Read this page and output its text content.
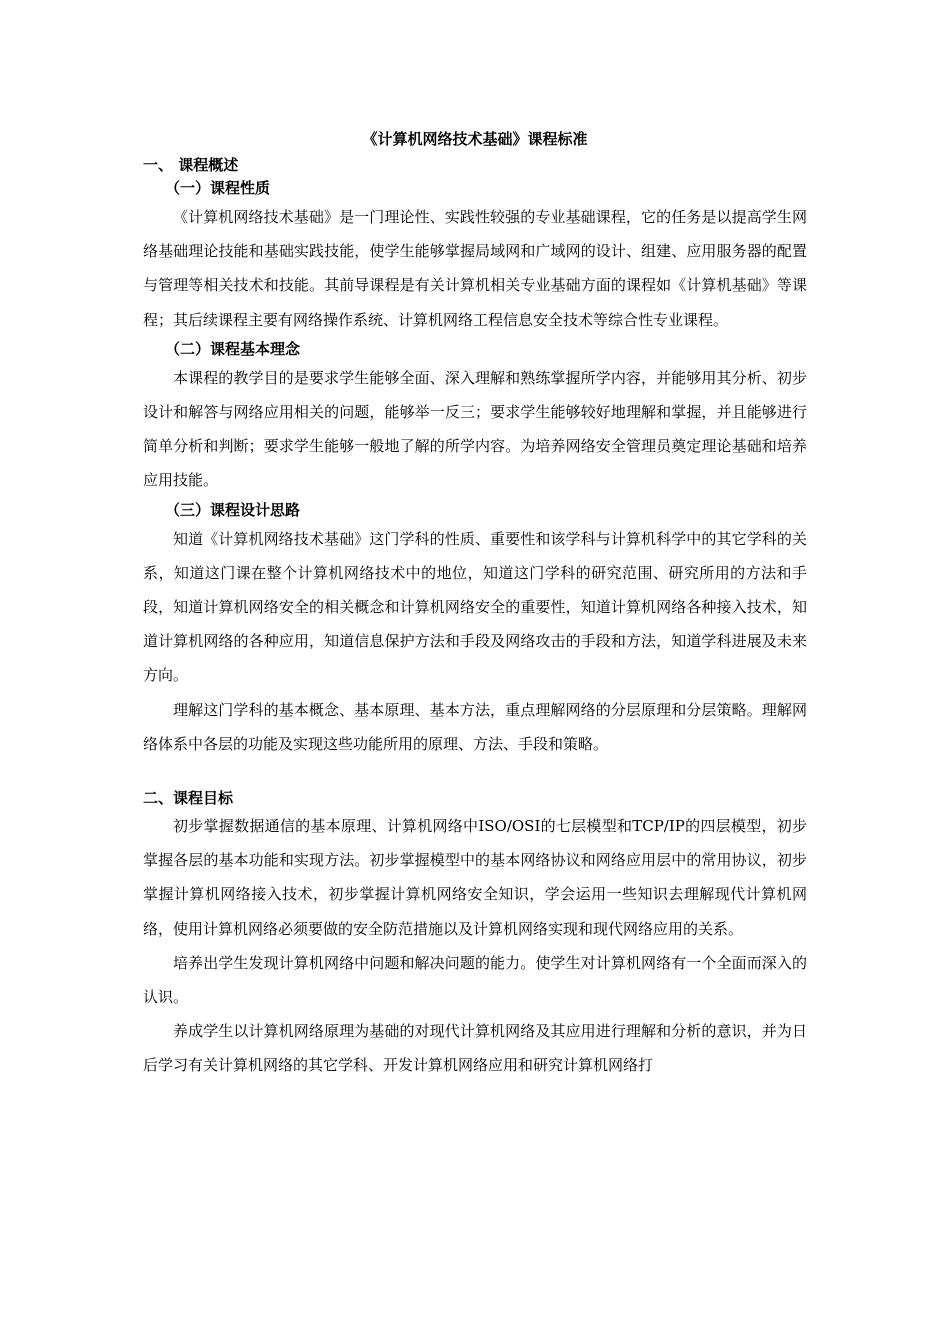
《计算机网络技术基础》课程标准
一、 课程概述
（一）课程性质

《计算机网络技术基础》是一门理论性、实践性较强的专业基础课程，它的任务是以提高学生网络基础理论技能和基础实践技能，使学生能够掌握局域网和广域网的设计、组建、应用服务器的配置与管理等相关技术和技能。其前导课程是有关计算机相关专业基础方面的课程如《计算机基础》等课程；其后续课程主要有网络操作系统、计算机网络工程信息安全技术等综合性专业课程。

（二）课程基本理念

本课程的教学目的是要求学生能够全面、深入理解和熟练掌握所学内容，并能够用其分析、初步设计和解答与网络应用相关的问题，能够举一反三；要求学生能够较好地理解和掌握，并且能够进行简单分析和判断；要求学生能够一般地了解的所学内容。为培养网络安全管理员奠定理论基础和培养应用技能。

（三）课程设计思路

知道《计算机网络技术基础》这门学科的性质、重要性和该学科与计算机科学中的其它学科的关系，知道这门课在整个计算机网络技术中的地位，知道这门学科的研究范围、研究所用的方法和手段，知道计算机网络安全的相关概念和计算机网络安全的重要性，知道计算机网络各种接入技术，知道计算机网络的各种应用，知道信息保护方法和手段及网络攻击的手段和方法，知道学科进展及未来方向。

理解这门学科的基本概念、基本原理、基本方法，重点理解网络的分层原理和分层策略。理解网络体系中各层的功能及实现这些功能所用的原理、方法、手段和策略。

二、课程目标

初步掌握数据通信的基本原理、计算机网络中ISO/OSI的七层模型和TCP/IP的四层模型，初步掌握各层的基本功能和实现方法。初步掌握模型中的基本网络协议和网络应用层中的常用协议，初步掌握计算机网络接入技术，初步掌握计算机网络安全知识，学会运用一些知识去理解现代计算机网络，使用计算机网络必须要做的安全防范措施以及计算机网络实现和现代网络应用的关系。

培养出学生发现计算机网络中问题和解决问题的能力。使学生对计算机网络有一个全面而深入的认识。

养成学生以计算机网络原理为基础的对现代计算机网络及其应用进行理解和分析的意识，并为日后学习有关计算机网络的其它学科、开发计算机网络应用和研究计算机网络打
